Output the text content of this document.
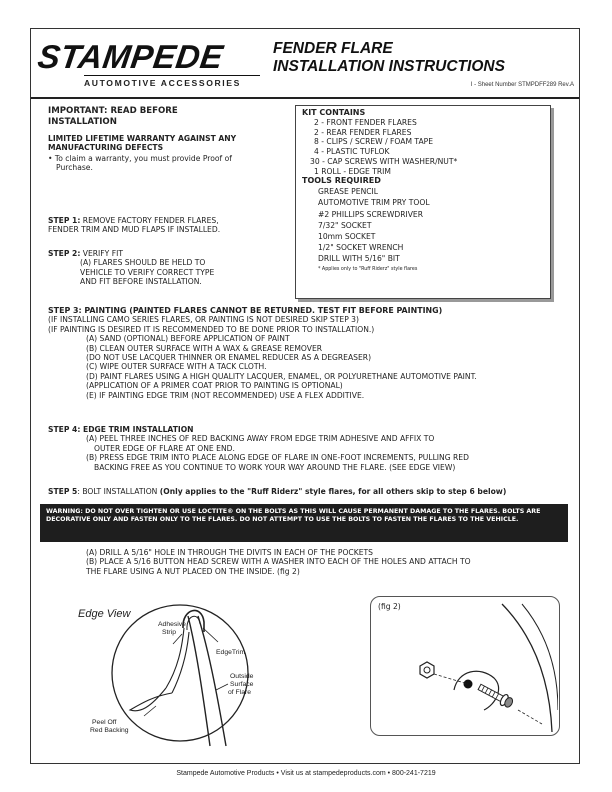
STAMPEDE
AUTOMOTIVE ACCESSORIES
FENDER FLARE
INSTALLATION INSTRUCTIONS
I - Sheet Number STMPDFF289 Rev.A
IMPORTANT: READ BEFORE
INSTALLATION
LIMITED LIFETIME WARRANTY AGAINST ANY
MANUFACTURING DEFECTS
• To claim a warranty, you must provide Proof of
Purchase.
KIT CONTAINS
2 - FRONT FENDER FLARES
2 - REAR FENDER FLARES
8 - CLIPS / SCREW / FOAM TAPE
4 - PLASTIC TUFLOK
30 - CAP SCREWS WITH WASHER/NUT*
1 ROLL - EDGE TRIM
TOOLS REQUIRED
GREASE PENCIL
AUTOMOTIVE TRIM PRY TOOL
#2 PHILLIPS SCREWDRIVER
7/32" SOCKET
10mm SOCKET
1/2" SOCKET WRENCH
DRILL WITH 5/16" BIT
* Applies only to "Ruff Riderz" style flares
STEP 1: REMOVE FACTORY FENDER FLARES,
FENDER TRIM AND MUD FLAPS IF INSTALLED.
STEP 2: VERIFY FIT
(A) FLARES SHOULD BE HELD TO
VEHICLE TO VERIFY CORRECT TYPE
AND FIT BEFORE INSTALLATION.
STEP 3: PAINTING (PAINTED FLARES CANNOT BE RETURNED. TEST FIT BEFORE PAINTING)
(IF INSTALLING CAMO SERIES FLARES, OR PAINTING IS NOT DESIRED SKIP STEP 3)
(IF PAINTING IS DESIRED IT IS RECOMMENDED TO BE DONE PRIOR TO INSTALLATION.)
(A) SAND (OPTIONAL) BEFORE APPLICATION OF PAINT
(B) CLEAN OUTER SURFACE WITH A WAX & GREASE REMOVER
(DO NOT USE LACQUER THINNER OR ENAMEL REDUCER AS A DEGREASER)
(C) WIPE OUTER SURFACE WITH A TACK CLOTH.
(D) PAINT FLARES USING A HIGH QUALITY LACQUER, ENAMEL, OR POLYURETHANE AUTOMOTIVE PAINT.
(APPLICATION OF A PRIMER COAT PRIOR TO PAINTING IS OPTIONAL)
(E) IF PAINTING EDGE TRIM (NOT RECOMMENDED) USE A FLEX ADDITIVE.
STEP 4: EDGE TRIM INSTALLATION
(A) PEEL THREE INCHES OF RED BACKING AWAY FROM EDGE TRIM ADHESIVE AND AFFIX TO
OUTER EDGE OF FLARE AT ONE END.
(B) PRESS EDGE TRIM INTO PLACE ALONG EDGE OF FLARE IN ONE-FOOT INCREMENTS, PULLING RED
BACKING FREE AS YOU CONTINUE TO WORK YOUR WAY AROUND THE FLARE. (SEE EDGE VIEW)
STEP 5: BOLT INSTALLATION (Only applies to the "Ruff Riderz" style flares, for all others skip to step 6 below)
WARNING: DO NOT OVER TIGHTEN OR USE LOCTITE® ON THE BOLTS AS THIS WILL CAUSE PERMANENT DAMAGE TO THE FLARES. BOLTS ARE DECORATIVE ONLY AND FASTEN ONLY TO THE FLARES. DO NOT ATTEMPT TO USE THE BOLTS TO FASTEN THE FLARES TO THE VEHICLE.
(A) DRILL A 5/16" HOLE IN THROUGH THE DIVITS IN EACH OF THE POCKETS
(B) PLACE A 5/16 BUTTON HEAD SCREW WITH A WASHER INTO EACH OF THE HOLES AND ATTACH TO
THE FLARE USING A NUT PLACED ON THE INSIDE. (fig 2)
Adhesive
Strip
EdgeTrim
Outside
Surface
of Flare
Peel Off
Red Backing
Edge View
(fig 2)
Stampede Automotive Products • Visit us at stampedeproducts.com • 800-241-7219
